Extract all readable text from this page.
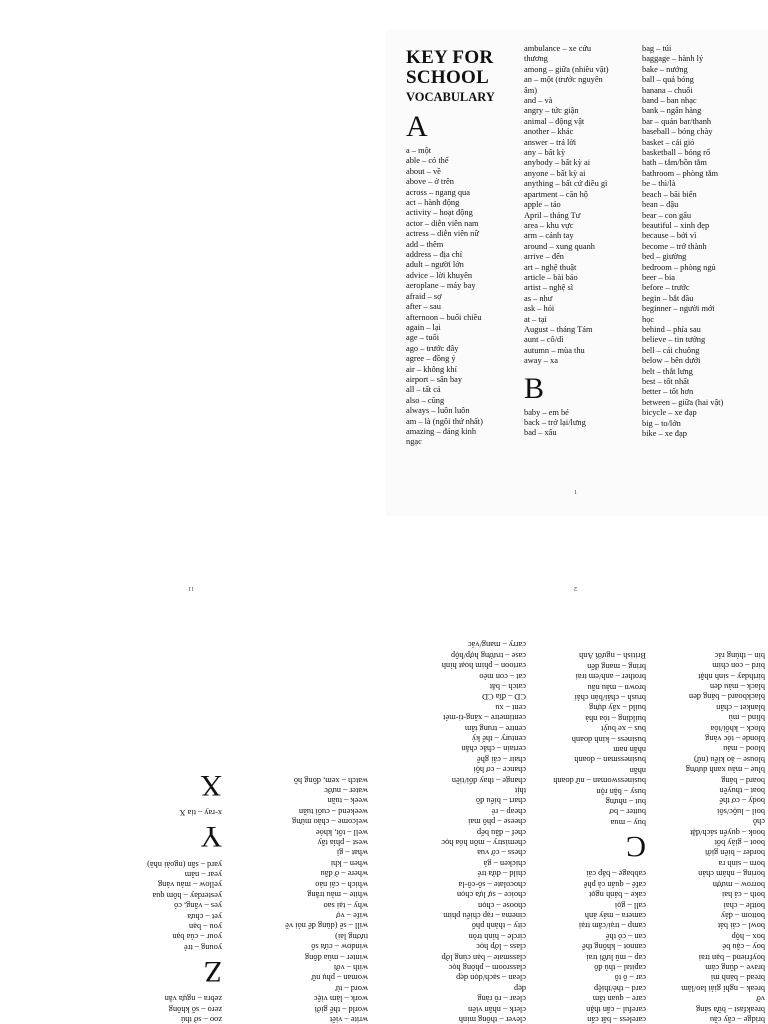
KEY FOR
SCHOOL
VOCABULARY
A
a – một
able – có thể
about – về
above – ở trên
across – ngang qua
act – hành động
activity – hoạt động
actor – diễn viên nam
actress – diễn viên nữ
add – thêm
address – địa chỉ
adult – người lớn
advice – lời khuyên
aeroplane – máy bay
afraid – sợ
after – sau
afternoon – buổi chiều
again – lại
age – tuổi
ago – trước đây
agree – đồng ý
air – không khí
airport – sân bay
all – tất cả
also – cũng
always – luôn luôn
am – là (ngôi thứ nhất)
amazing – đáng kinh
ngạc
ambulance – xe cứu
thương
among – giữa (nhiều vật)
an – một (trước nguyên
âm)
and – và
angry – tức giận
animal – động vật
another – khác
answer – trả lời
any – bất kỳ
anybody – bất kỳ ai
anyone – bất kỳ ai
anything – bất cứ điều gì
apartment – căn hộ
apple – táo
April – tháng Tư
area – khu vực
arm – cánh tay
around – xung quanh
arrive – đến
art – nghệ thuật
article – bài báo
artist – nghệ sĩ
as – như
ask – hỏi
at – tại
August – tháng Tám
aunt – cô/dì
autumn – mùa thu
away – xa
B
baby – em bé
back – trở lại/lưng
bad – xấu
bag – túi
baggage – hành lý
bake – nướng
ball – quả bóng
banana – chuối
band – ban nhạc
bank – ngân hàng
bar – quán bar/thanh
baseball – bóng chày
basket – cái giỏ
basketball – bóng rổ
bath – tắm/bồn tắm
bathroom – phòng tắm
be – thì/là
beach – bãi biển
bean – đậu
bear – con gấu
beautiful – xinh đẹp
because – bởi vì
become – trở thành
bed – giường
bedroom – phòng ngủ
beer – bia
before – trước
begin – bắt đầu
beginner – người mới
học
behind – phía sau
believe – tin tưởng
bell – cái chuông
below – bên dưới
belt – thắt lưng
best – tốt nhất
better – tốt hơn
between – giữa (hai vật)
bicycle – xe đạp
big – to/lớn
bike – xe đạp
1
bridge – cây cầu
breakfast – bữa sáng
vỡ
break – nghỉ giải lao/làm
bread – bánh mì
brave – dũng cảm
boyfriend – bạn trai
boy – cậu bé
box – hộp
bowl – cái bát
bottom – đáy
bottle – chai
both – cả hai
borrow – mượn
boring – nhàm chán
born – sinh ra
border – biên giới
boot – giày bốt
book – quyển sách/đặt
chỗ
boil – luộc/sôi
body – cơ thể
boat – thuyền
board – bảng
blue – màu xanh dương
blouse – áo kiểu (nữ)
blood – máu
blonde – tóc vàng
block – khối/tòa
blind – mù
blanket – chăn
blackboard – bảng đen
black – màu đen
birthday – sinh nhật
bird – con chim
bin – thùng rác
careless – bất cẩn
careful – cẩn thận
care – quan tâm
card – thẻ/thiệp
car – ô tô
capital – thủ đô
cap – mũ lưỡi trai
cannot – không thể
can – có thể
camp – trại/cắm trại
camera – máy ảnh
call – gọi
cake – bánh ngọt
café – quán cà phê
cabbage – bắp cải
C
buy – mua
butter – bơ
but – nhưng
busy – bận rộn
businesswoman – nữ doanh
nhân
businessman – doanh
nhân nam
business – kinh doanh
bus – xe buýt
building – tòa nhà
build – xây dựng
brush – chải/bàn chải
brown – màu nâu
brother – anh/em trai
bring – mang đến
British – người Anh
clever – thông minh
clerk – nhân viên
clear – rõ ràng
đẹp
clean – sạch/dọn dẹp
classroom – phòng học
classmate – bạn cùng lớp
class – lớp học
circle – hình tròn
city – thành phố
cinema – rạp chiếu phim
choose – chọn
choice – sự lựa chọn
chocolate – sô-cô-la
child – đứa trẻ
chicken – gà
chess – cờ vua
chemistry – môn hóa học
chef – đầu bếp
cheese – phô mai
cheap – rẻ
chart – biểu đồ
thịt
change – thay đổi/tiền
chance – cơ hội
chair – cái ghế
certain – chắc chắn
century – thế kỷ
centre – trung tâm
centimetre – xăng-ti-mét
cent – xu
CD – đĩa CD
catch – bắt
cat – con mèo
cartoon – phim hoạt hình
case – trường hợp/hộp
carry – mang/vác
write – viết
world – thế giới
work – làm việc
word – từ
woman – phụ nữ
with – với
winter – mùa đông
window – cửa sổ
tương lai)
will – sẽ (dùng để nói về
wife – vợ
why – tại sao
white – màu trắng
which – cái nào
where – ở đâu
when – khi
what – gì
west – phía tây
well – tốt, khỏe
welcome – chào mừng
weekend – cuối tuần
week – tuần
water – nước
watch – xem, đồng hồ
zoo – sở thú
zero – số không
zebra – ngựa vằn
Z
young – trẻ
your – của bạn
you – bạn
yet – chưa
yes – vâng, có
yesterday – hôm qua
yellow – màu vàng
year – năm
yard – sân (ngoài nhà)
Y
x-ray – tia X
X
2
11
